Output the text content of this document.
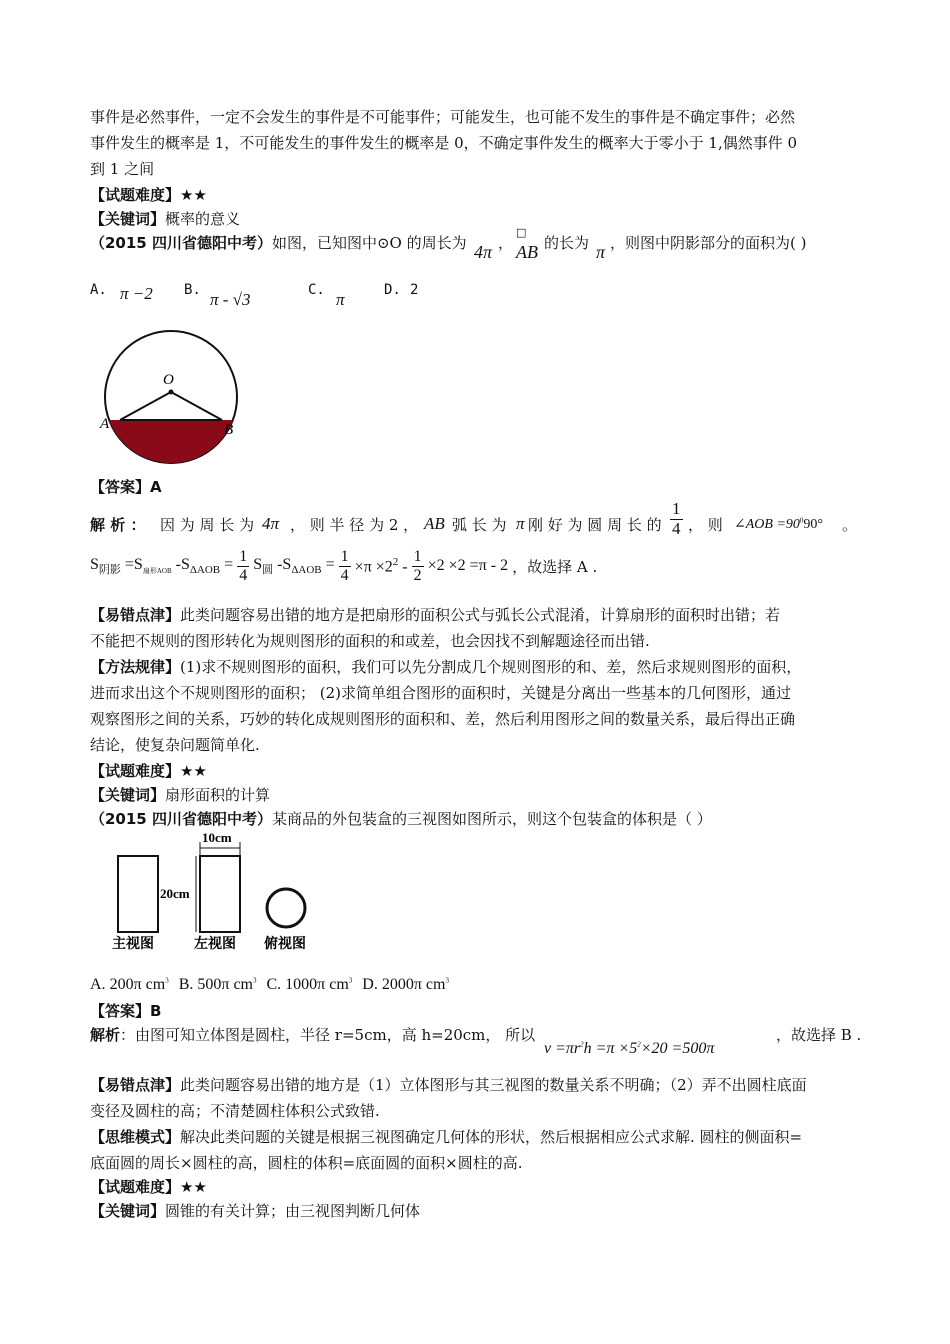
事件是必然事件，一定不会发生的事件是不可能事件；可能发生，也可能不发生的事件是不确定事件；必然
事件发生的概率是 1，不可能发生的事件发生的概率是 0，不确定事件发生的概率大于零小于 1,偶然事件 0
到 1 之间
【试题难度】★★
【关键词】概率的意义
（2015 四川省德阳中考）如图，已知图中⊙O 的周长为 4π ，
□
AB 的长为 π ，则图中阴影部分的面积为( )
A. π −2 B. π - √3	C. π	D. 2
O
A	B
【答案】A
解 析 ： 因 为 周 长 为 4π ， 则 半 径 为 2 ， AB 弧 长 为 π 刚 好 为 圆 周 长 的 $\frac{1}{4}$ ， 则 ∠AOB $=90^090^\circ$ 。
$S_{阴影} =S_{扇形AOB}$ $-S_{\Delta AOB} = \frac{1}{4} S_圆$ $-S_{\Delta AOB} = \frac{1}{4} \times\pi \times 2^2 - \frac{1}{2} \times 2 \times 2 =\pi - 2$ ，故选择 A .
【易错点津】此类问题容易出错的地方是把扇形的面积公式与弧长公式混淆，计算扇形的面积时出错；若
不能把不规则的图形转化为规则图形的面积的和或差，也会因找不到解题途径而出错.
【方法规律】(1)求不规则图形的面积，我们可以先分割成几个规则图形的和、差，然后求规则图形的面积，
进而求出这个不规则图形的面积； (2)求简单组合图形的面积时，关键是分离出一些基本的几何图形，通过
观察图形之间的关系，巧妙的转化成规则图形的面积和、差，然后利用图形之间的数量关系，最后得出正确
结论，使复杂问题简单化.
【试题难度】★★
【关键词】扇形面积的计算
（2015 四川省德阳中考）某商品的外包装盒的三视图如图所示，则这个包装盒的体积是（ ）
10cm
20cm
主视图	左视图 俯视图
A. 200π $cm^3$ B. 500π $cm^3$ C. 1000π $cm^3$ D. 2000π $cm^3$
【答案】B
解析：由图可知立体图是圆柱，半径 r=5cm，高 h=20cm， 所以
$v =\pi r^2h =\pi \times 5^2\times 20 =500\pi$
，故选择 B .
【易错点津】此类问题容易出错的地方是（1）立体图形与其三视图的数量关系不明确；（2）弄不出圆柱底面
变径及圆柱的高；不清楚圆柱体积公式致错.
【思维模式】解决此类问题的关键是根据三视图确定几何体的形状，然后根据相应公式求解. 圆柱的侧面积=
底面圆的周长×圆柱的高，圆柱的体积=底面圆的面积×圆柱的高.
【试题难度】★★
【关键词】圆锥的有关计算；由三视图判断几何体
